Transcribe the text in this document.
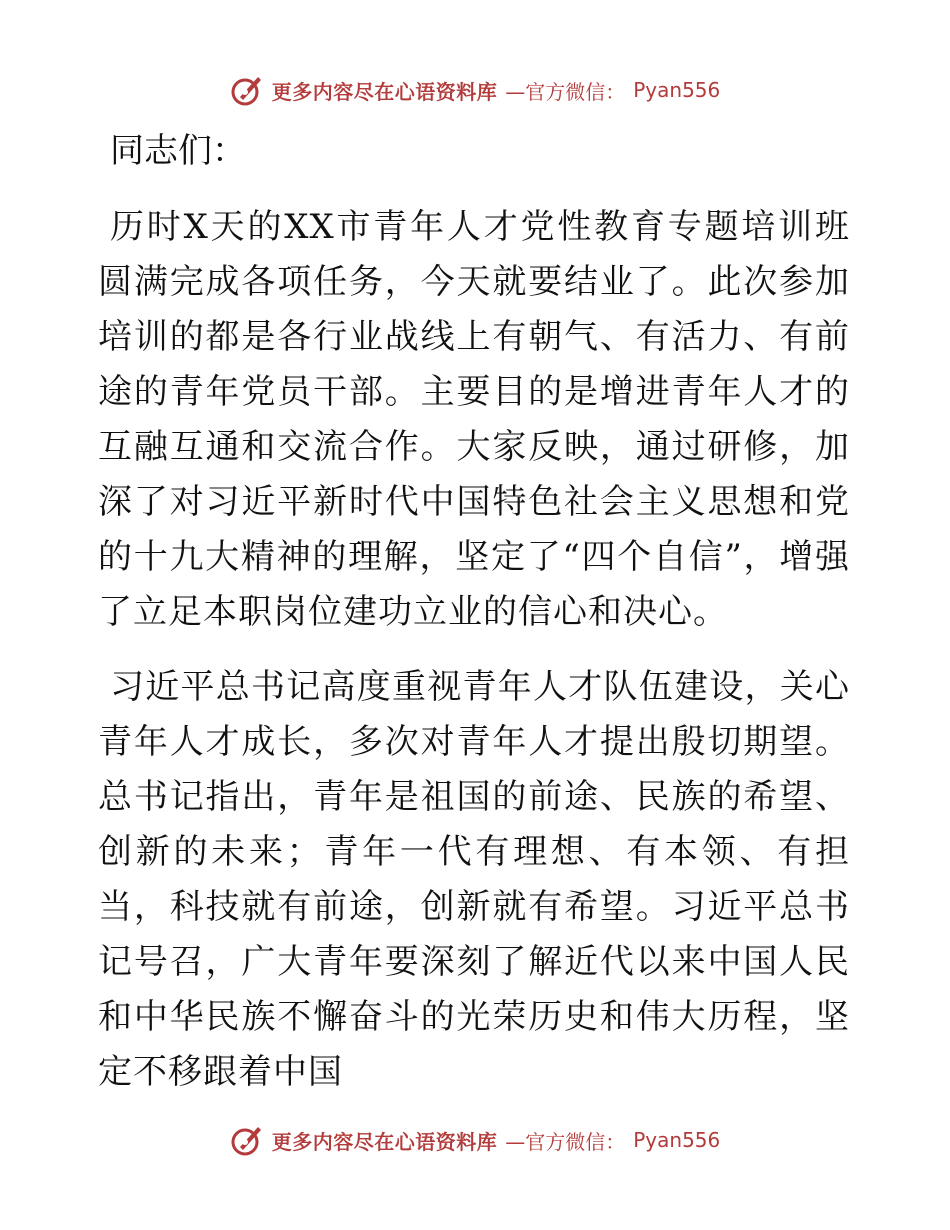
更多内容尽在心语资料库 —官方微信： Pyan556
同志们：

历时X天的XX市青年人才党性教育专题培训班圆满完成各项任务，今天就要结业了。此次参加培训的都是各行业战线上有朝气、有活力、有前途的青年党员干部。主要目的是增进青年人才的互融互通和交流合作。大家反映，通过研修，加深了对习近平新时代中国特色社会主义思想和党的十九大精神的理解，坚定了“四个自信”，增强了立足本职岗位建功立业的信心和决心。

习近平总书记高度重视青年人才队伍建设，关心青年人才成长，多次对青年人才提出殷切期望。总书记指出，青年是祖国的前途、民族的希望、创新的未来；青年一代有理想、有本领、有担当，科技就有前途，创新就有希望。习近平总书记号召，广大青年要深刻了解近代以来中国人民和中华民族不懈奋斗的光荣历史和伟大历程，坚定不移跟着中国

更多内容尽在心语资料库 —官方微信： Pyan556
